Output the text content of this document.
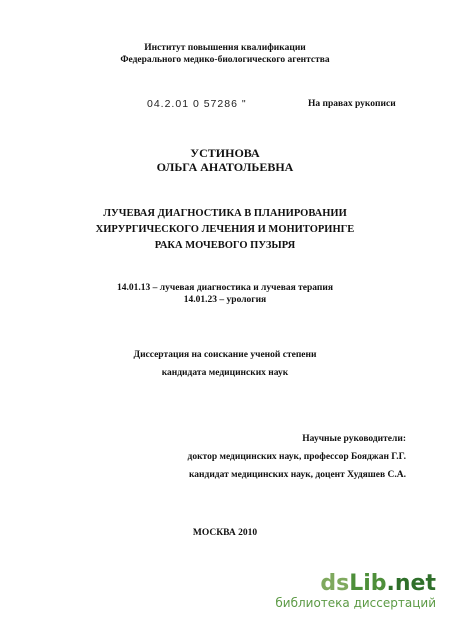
Институт повышения квалификации
Федерального медико-биологического агентства
04.2.01 0 57286 "	На правах рукописи
УСТИНОВА
ОЛЬГА АНАТОЛЬЕВНА
ЛУЧЕВАЯ ДИАГНОСТИКА В ПЛАНИРОВАНИИ
ХИРУРГИЧЕСКОГО ЛЕЧЕНИЯ И МОНИТОРИНГЕ
РАКА МОЧЕВОГО ПУЗЫРЯ
14.01.13 – лучевая диагностика и лучевая терапия
14.01.23 – урология
Диссертация на соискание ученой степени
кандидата медицинских наук
Научные руководители:
доктор медицинских наук, профессор Бояджан Г.Г.
кандидат медицинских наук, доцент Худяшев С.А.
МОСКВА 2010
dsLib.net
библиотека диссертаций
